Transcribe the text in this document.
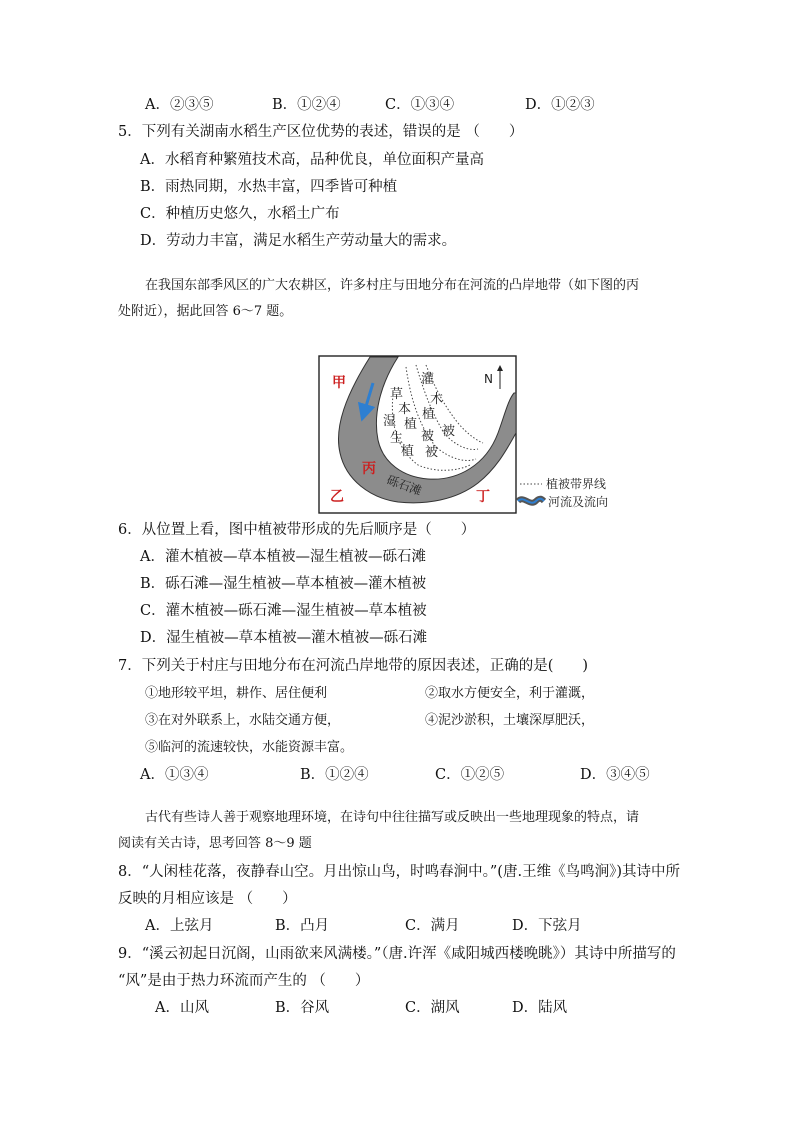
A．②③⑤	B．①②④	C．①③④	D．①②③
5．下列有关湖南水稻生产区位优势的表述，错误的是 （　　）
A．水稻育种繁殖技术高，品种优良，单位面积产量高
B．雨热同期，水热丰富，四季皆可种植
C．种植历史悠久，水稻土广布
D．劳动力丰富，满足水稻生产劳动量大的需求。
在我国东部季风区的广大农耕区，许多村庄与田地分布在河流的凸岸地带（如下图的丙
处附近），据此回答 6～7 题。
灌
木
植
被
草
本
植
被
湿
生
植 被
砾石滩
N
甲
丙
乙	丁
植被带界线
河流及流向
6．从位置上看，图中植被带形成的先后顺序是（　　）
A．灌木植被—草本植被—湿生植被—砾石滩
B．砾石滩—湿生植被—草本植被—灌木植被
C．灌木植被—砾石滩—湿生植被—草本植被
D．湿生植被—草本植被—灌木植被—砾石滩
7．下列关于村庄与田地分布在河流凸岸地带的原因表述，正确的是(　　)
①地形较平坦，耕作、居住便利	②取水方便安全，利于灌溉，
③在对外联系上，水陆交通方便，	④泥沙淤积，土壤深厚肥沃，
⑤临河的流速较快，水能资源丰富。
A．①③④	B．①②④	C．①②⑤	D．③④⑤
古代有些诗人善于观察地理环境，在诗句中往往描写或反映出一些地理现象的特点，请
阅读有关古诗，思考回答 8～9 题
8．“人闲桂花落，夜静春山空。月出惊山鸟，时鸣春涧中。”(唐.王维《鸟鸣涧》)其诗中所
反映的月相应该是 （　　）
A．上弦月	B．凸月	C．满月	D．下弦月
9．“溪云初起日沉阁，山雨欲来风满楼。”（唐.许浑《咸阳城西楼晚眺》）其诗中所描写的
“风”是由于热力环流而产生的 （　　）
A．山风	B．谷风	C．湖风	D．陆风
